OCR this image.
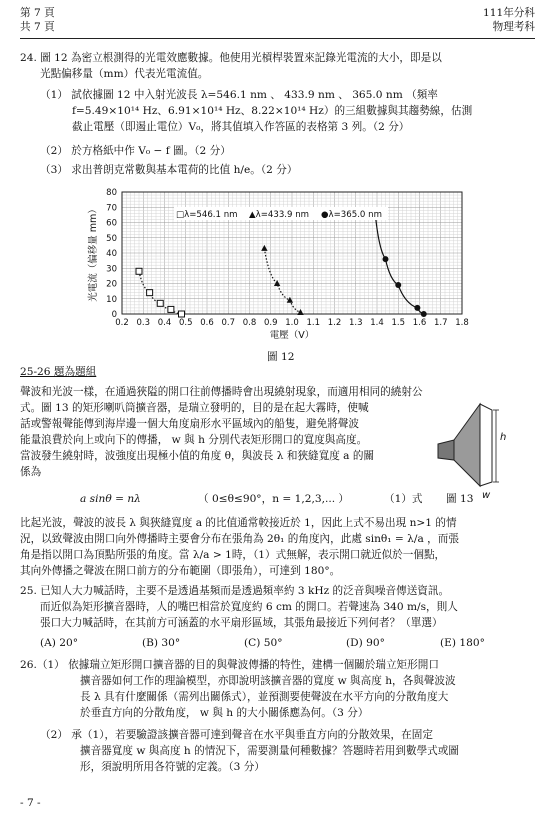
第 7 頁
共 7 頁
111年分科
物理考科
24. 圖 12 為密立根測得的光電效應數據。他使用光槓桿裝置來記錄光電流的大小，即是以
光點偏移量（mm）代表光電流值。
（1） 試依據圖 12 中入射光波長 λ=546.1 nm 、 433.9 nm 、 365.0 nm （頻率
f=5.49×10¹⁴ Hz、6.91×10¹⁴ Hz、8.22×10¹⁴ Hz）的三組數據與其趨勢線，估測
截止電壓（即遏止電位）V₀，將其值填入作答區的表格第 3 列。（2 分）
（2） 於方格紙中作 V₀ − f 圖。（2 分）
（3） 求出普朗克常數與基本電荷的比值 h/e。（2 分）
0.2 0.3 0.4 0.5 0.6 0.7 0.8 0.9 1.0 1.1 1.2 1.3 1.4 1.5 1.6 1.7 1.8
0
10
20
30
40
50
60
70
80
光電流（偏移量 mm）
電壓（V）
□λ=546.1 nm ▲λ=433.9 nm ●λ=365.0 nm
圖 12
25-26 題為題組
聲波和光波一樣，在通過狹隘的開口往前傳播時會出現繞射現象，而適用相同的繞射公
式。圖 13 的矩形喇叭筒擴音器，是瑞立發明的，目的是在起大霧時，使喊
話或警報聲能傳到海岸邊一個大角度扇形水平區域內的船隻，避免將聲波
能量浪費於向上或向下的傳播， w 與 h 分別代表矩形開口的寬度與高度。
當波發生繞射時，波強度出現極小值的角度 θ，與波長 λ 和狹縫寬度 a 的關
係為
a sinθ = nλ	（ 0≤θ≤90°，n = 1,2,3,... ）	（1）式
h
w
圖 13
比起光波，聲波的波長 λ 與狹縫寬度 a 的比值通常較接近於 1，因此上式不易出現 n>1 的情
況，以致聲波由開口向外傳播時主要會分布在張角為 2θ₁ 的角度內，此處 sinθ₁ = λ/a ，而張
角是指以開口為頂點所張的角度。當 λ/a > 1時，（1）式無解，表示開口就近似於一個點，
其向外傳播之聲波在開口前方的分布範圍（即張角），可達到 180°。
25. 已知人大力喊話時，主要不是透過基頻而是透過頻率約 3 kHz 的泛音與噪音傳送資訊。
而近似為矩形擴音器時，人的嘴巴相當於寬度約 6 cm 的開口。若聲速為 340 m/s，則人
張口大力喊話時，在其前方可涵蓋的水平扇形區域，其張角最接近下列何者？（單選）
(A) 20°	(B) 30°	(C) 50°	(D) 90°	(E) 180°
26.（1） 依據瑞立矩形開口擴音器的目的與聲波傳播的特性，建構一個關於瑞立矩形開口
擴音器如何工作的理論模型，亦即說明該擴音器的寬度 w 與高度 h，各與聲波波
長 λ 具有什麼關係（需列出關係式），並預測要使聲波在水平方向的分散角度大
於垂直方向的分散角度， w 與 h 的大小關係應為何。（3 分）
（2） 承（1），若要驗證該擴音器可達到聲音在水平與垂直方向的分散效果，在固定
擴音器寬度 w 與高度 h 的情況下，需要測量何種數據？答題時若用到數學式或圖
形，須說明所用各符號的定義。（3 分）
- 7 -
